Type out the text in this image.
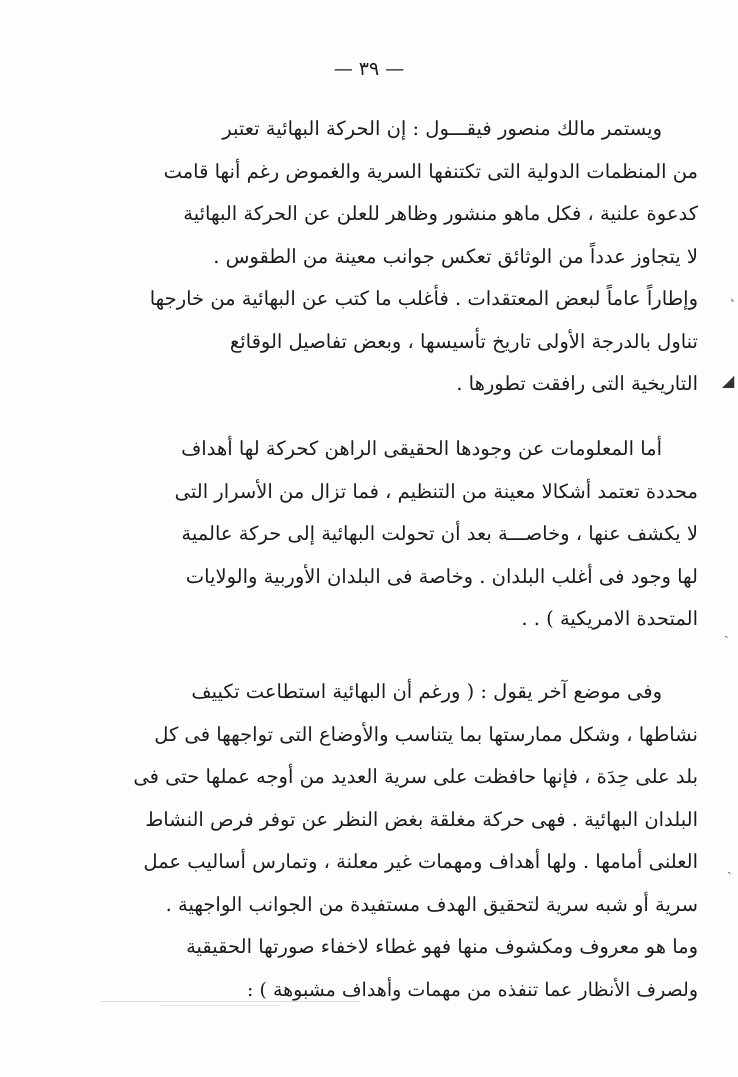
— ٣٩ —
ويستمر مالك منصور فيقـــول : إن الحركة البهائية تعتبر
من المنظمات الدولية التى تكتنفها السرية والغموض رغم أنها قامت
كدعوة علنية ، فكل ماهو منشور وظاهر للعلن عن الحركة البهائية
لا يتجاوز عدداً من الوثائق تعكس جوانب معينة من الطقوس .
وإطاراً عاماً لبعض المعتقدات . فأغلب ما كتب عن البهائية من خارجها
تناول بالدرجة الأولى تاريخ تأسيسها ، وبعض تفاصيل الوقائع
التاريخية التى رافقت تطورها .
أما المعلومات عن وجودها الحقيقى الراهن كحركة لها أهداف
محددة تعتمد أشكالا معينة من التنظيم ، فما تزال من الأسرار التى
لا يكشف عنها ، وخاصـــة بعد أن تحولت البهائية إلى حركة عالمية
لها وجود فى أغلب البلدان . وخاصة فى البلدان الأوربية والولايات
المتحدة الامريكية ) . .
وفى موضع آخر يقول : ( ورغم أن البهائية استطاعت تكييف
نشاطها ، وشكل ممارستها بما يتناسب والأوضاع التى تواجهها فى كل
بلد على حِدَة ، فإنها حافظت على سرية العديد من أوجه عملها حتى فى
البلدان البهائية . فهى حركة مغلقة بغض النظر عن توفر فرص النشاط
العلنى أمامها . ولها أهداف ومهمات غير معلنة ، وتمارس أساليب عمل
سرية أو شبه سرية لتحقيق الهدف مستفيدة من الجوانب الواجهية .
وما هو معروف ومكشوف منها فهو غطاء لاخفاء صورتها الحقيقية
ولصرف الأنظار عما تنفذه من مهمات وأهداف مشبوهة ) :
˛
◢
ˏ
ˏ
